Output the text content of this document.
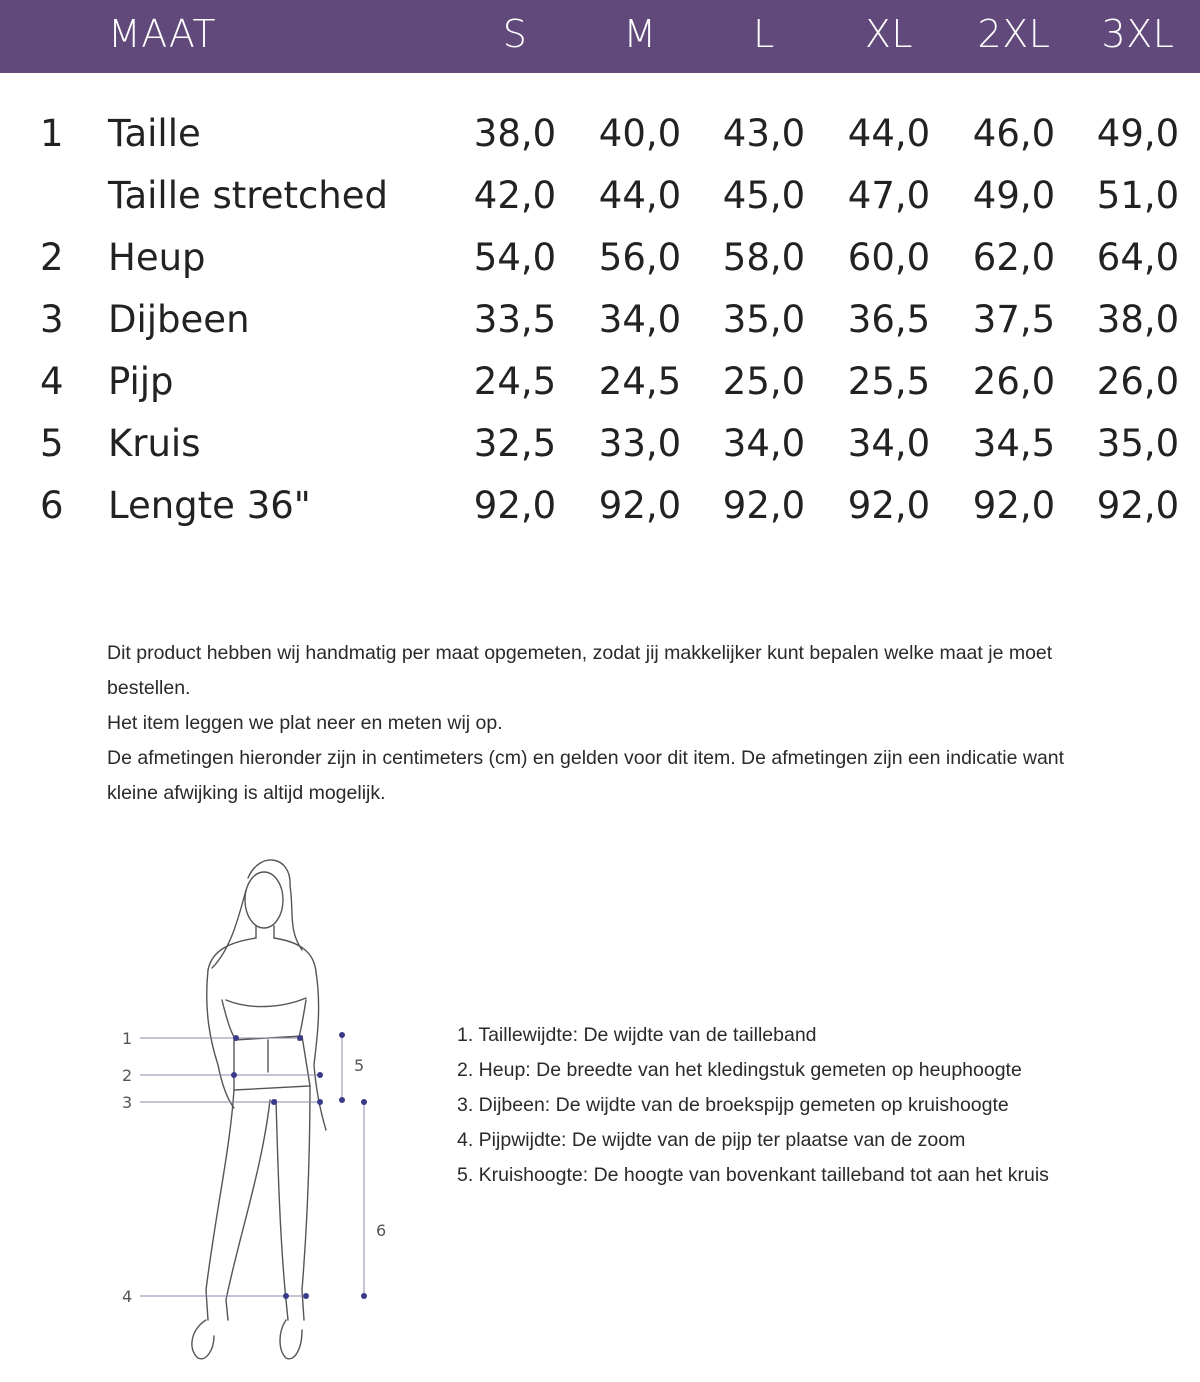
MAAT	S	M	L	XL	2XL	3XL
1 Taille	38,0	40,0	43,0	44,0	46,0	49,0
Taille stretched	42,0	44,0	45,0	47,0	49,0	51,0
2 Heup	54,0	56,0	58,0	60,0	62,0	64,0
3 Dijbeen	33,5	34,0	35,0	36,5	37,5	38,0
4 Pijp	24,5	24,5	25,0	25,5	26,0	26,0
5 Kruis	32,5	33,0	34,0	34,0	34,5	35,0
6 Lengte 36"	92,0	92,0	92,0	92,0	92,0	92,0

Dit product hebben wij handmatig per maat opgemeten, zodat jij makkelijker kunt bepalen welke maat je moet bestellen.

Het item leggen we plat neer en meten wij op.

De afmetingen hieronder zijn in centimeters (cm) en gelden voor dit item. De afmetingen zijn een indicatie want kleine afwijking is altijd mogelijk.

1
2
3
4
5
6

1. Taillewijdte: De wijdte van de tailleband

2. Heup: De breedte van het kledingstuk gemeten op heuphoogte

3. Dijbeen: De wijdte van de broekspijp gemeten op kruishoogte

4. Pijpwijdte: De wijdte van de pijp ter plaatse van de zoom

5. Kruishoogte: De hoogte van bovenkant tailleband tot aan het kruis
